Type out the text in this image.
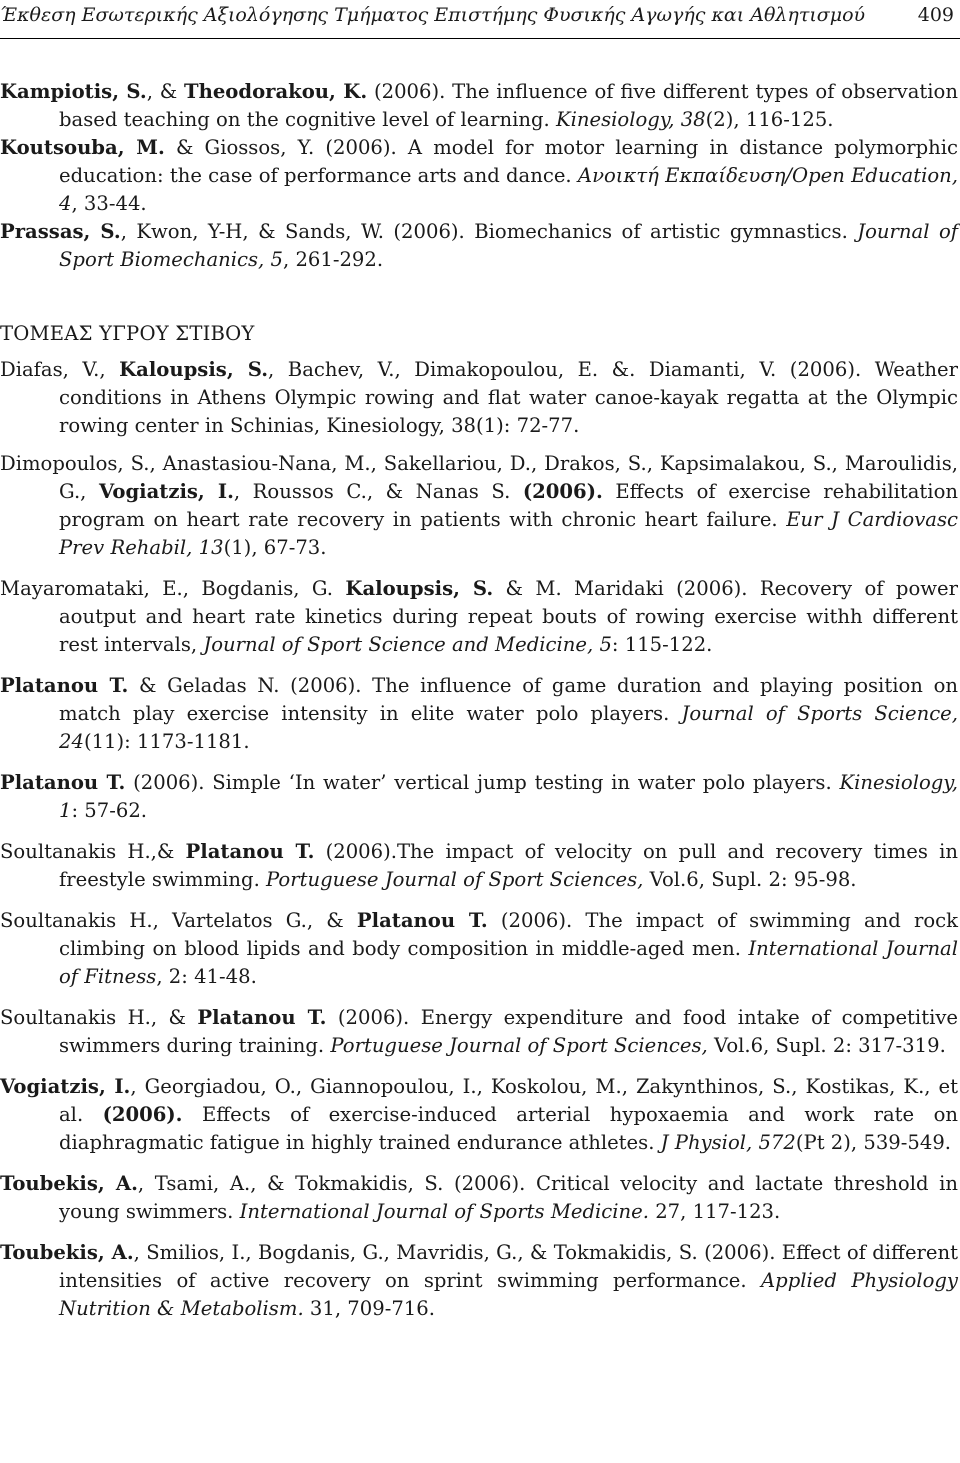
Έκθεση Εσωτερικής Αξιολόγησης Τμήματος Επιστήμης Φυσικής Αγωγής και Αθλητισμού	409

Kampiotis, S., & Theodorakou, K. (2006). The influence of five different types of observation based teaching on the cognitive level of learning. Kinesiology, 38(2), 116-125.

Koutsouba, M. & Giossos, Y. (2006). A model for motor learning in distance polymorphic education: the case of performance arts and dance. Ανοικτή Εκπαίδευση/Open Education, 4, 33-44.

Prassas, S., Kwon, Y-H, & Sands, W. (2006). Biomechanics of artistic gymnastics. Journal of Sport Biomechanics, 5, 261-292.

ΤΟΜΕΑΣ ΥΓΡΟΥ ΣΤΙΒΟΥ

Diafas, V., Kaloupsis, S., Bachev, V., Dimakopoulou, E. &. Diamanti, V. (2006). Weather conditions in Athens Olympic rowing and flat water canoe-kayak regatta at the Olympic rowing center in Schinias, Kinesiology, 38(1): 72-77.

Dimopoulos, S., Anastasiou-Nana, M., Sakellariou, D., Drakos, S., Kapsimalakou, S., Maroulidis, G., Vogiatzis, I., Roussos C., & Nanas S. (2006). Effects of exercise rehabilitation program on heart rate recovery in patients with chronic heart failure. Eur J Cardiovasc Prev Rehabil, 13(1), 67-73.

Mayaromataki, E., Bogdanis, G. Kaloupsis, S. & M. Maridaki (2006). Recovery of power aoutput and heart rate kinetics during repeat bouts of rowing exercise withh different rest intervals, Journal of Sport Science and Medicine, 5: 115-122.

Platanou T. & Geladas N. (2006). The influence of game duration and playing position on match play exercise intensity in elite water polo players. Journal of Sports Science, 24(11): 1173-1181.

Platanou T. (2006). Simple ‘In water’ vertical jump testing in water polo players. Kinesiology, 1: 57-62.

Soultanakis H.,& Platanou T. (2006).The impact of velocity on pull and recovery times in freestyle swimming. Portuguese Journal of Sport Sciences, Vol.6, Supl. 2: 95-98.

Soultanakis H., Vartelatos G., & Platanou T. (2006). The impact of swimming and rock climbing on blood lipids and body composition in middle-aged men. International Journal of Fitness, 2: 41-48.

Soultanakis H., & Platanou T. (2006). Energy expenditure and food intake of competitive swimmers during training. Portuguese Journal of Sport Sciences, Vol.6, Supl. 2: 317-319.

Vogiatzis, I., Georgiadou, O., Giannopoulou, I., Koskolou, M., Zakynthinos, S., Kostikas, K., et al. (2006). Effects of exercise-induced arterial hypoxaemia and work rate on diaphragmatic fatigue in highly trained endurance athletes. J Physiol, 572(Pt 2), 539-549.

Toubekis, A., Tsami, A., & Tokmakidis, S. (2006). Critical velocity and lactate threshold in young swimmers. International Journal of Sports Medicine. 27, 117-123.

Toubekis, A., Smilios, I., Bogdanis, G., Mavridis, G., & Tokmakidis, S. (2006). Effect of different intensities of active recovery on sprint swimming performance. Applied Physiology Nutrition & Metabolism. 31, 709-716.
